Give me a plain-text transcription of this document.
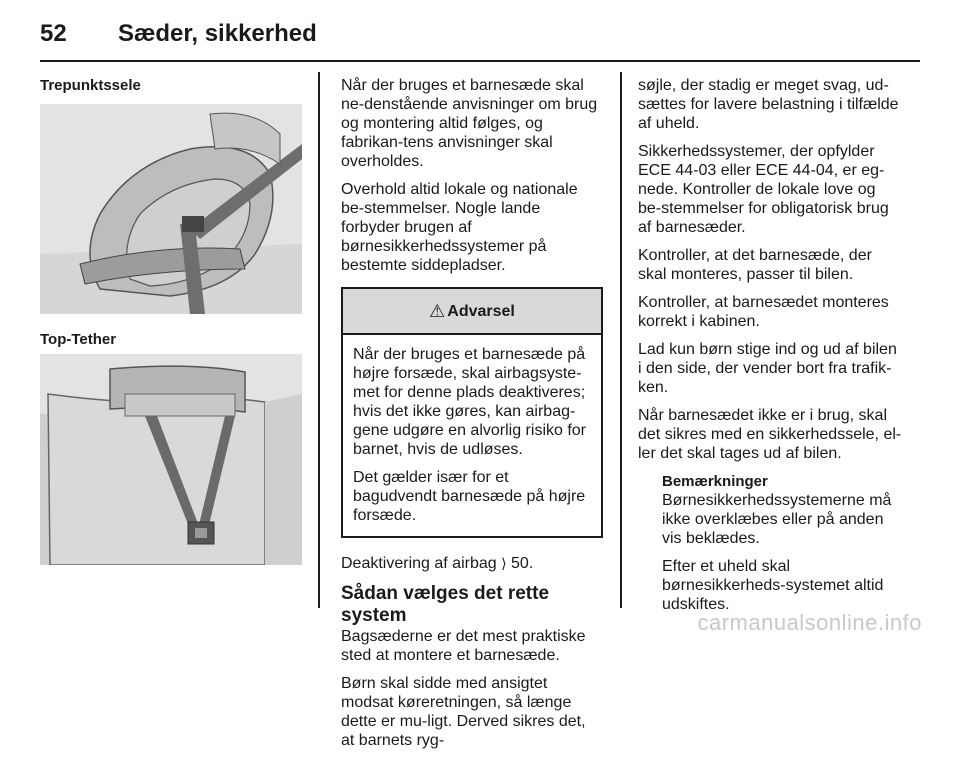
52 Sæder, sikkerhed
Trepunktssele
Top-Tether

Når der bruges et barnesæde skal ne-denstående anvisninger om brug og montering altid følges, og fabrikan-tens anvisninger skal overholdes.

Overhold altid lokale og nationale be-stemmelser. Nogle lande forbyder brugen af børnesikkerhedssystemer på bestemte siddepladser.

⚠ Advarsel

Når der bruges et barnesæde på højre forsæde, skal airbagsyste-met for denne plads deaktiveres; hvis det ikke gøres, kan airbag-gene udgøre en alvorlig risiko for barnet, hvis de udløses.

Det gælder især for et bagudvendt barnesæde på højre forsæde.

Deaktivering af airbag ⟩ 50.

Sådan vælges det rette system

Bagsæderne er det mest praktiske sted at montere et barnesæde.

Børn skal sidde med ansigtet modsat køreretningen, så længe dette er mu-ligt. Derved sikres det, at barnets ryg-

søjle, der stadig er meget svag, ud-sættes for lavere belastning i tilfælde af uheld.

Sikkerhedssystemer, der opfylder ECE 44-03 eller ECE 44-04, er eg-nede. Kontroller de lokale love og be-stemmelser for obligatorisk brug af barnesæder.

Kontroller, at det barnesæde, der skal monteres, passer til bilen.

Kontroller, at barnesædet monteres korrekt i kabinen.

Lad kun børn stige ind og ud af bilen i den side, der vender bort fra trafik-ken.

Når barnesædet ikke er i brug, skal det sikres med en sikkerhedssele, el-ler det skal tages ud af bilen.

Bemærkninger

Børnesikkerhedssystemerne må ikke overklæbes eller på anden vis beklædes.

Efter et uheld skal børnesikkerheds-systemet altid udskiftes.

carmanualsonline.info
